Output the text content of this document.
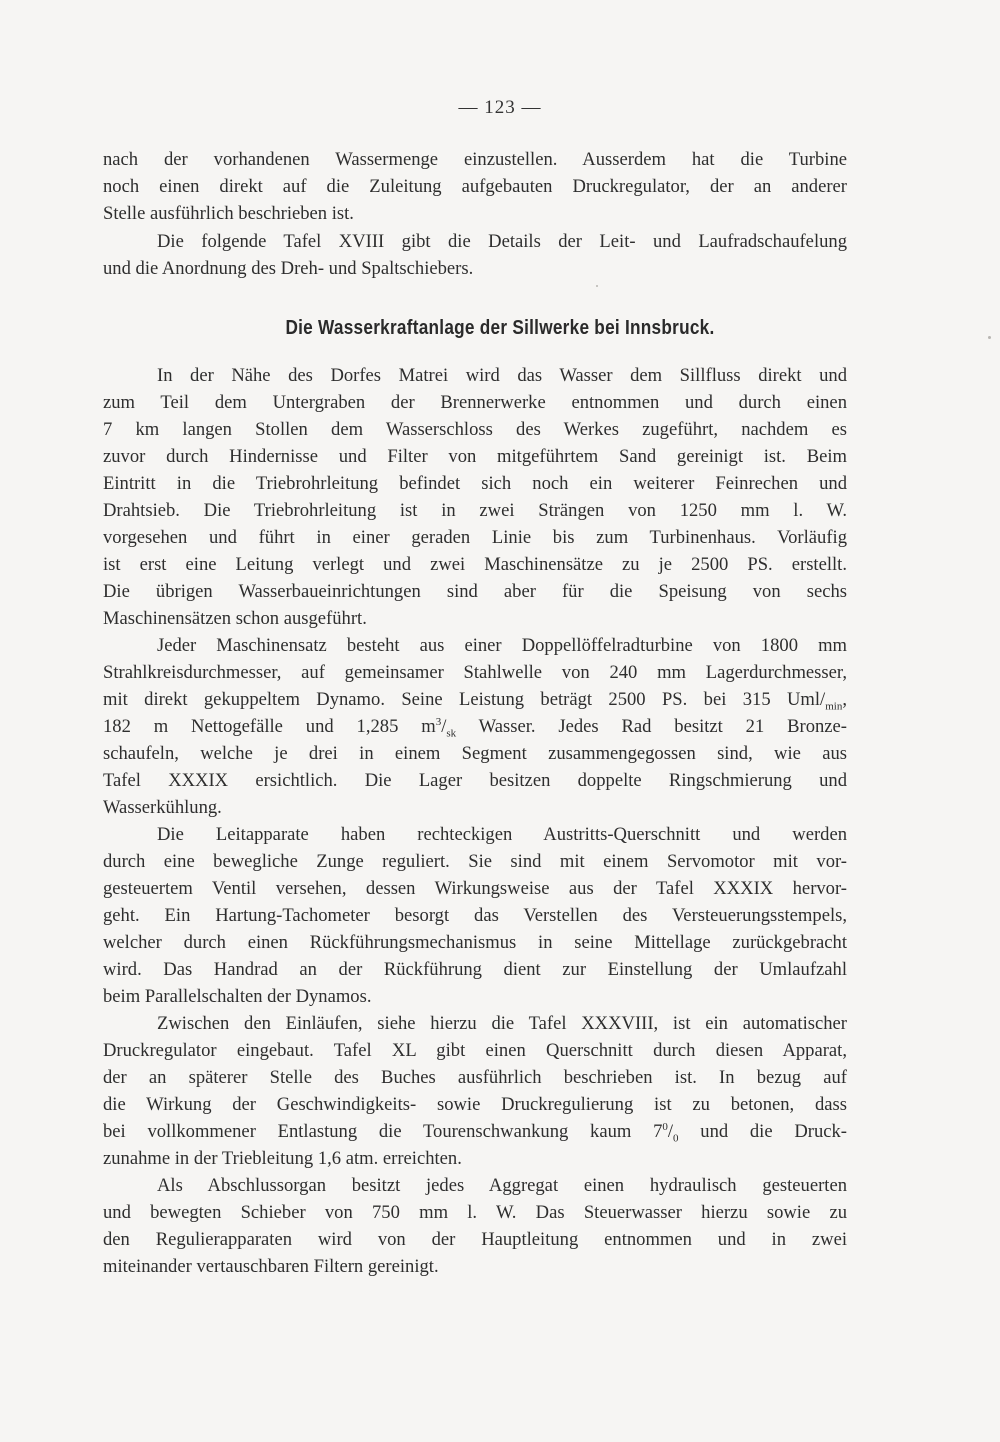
— 123 —
nach der vorhandenen Wassermenge einzustellen. Ausserdem hat die Turbine
noch einen direkt auf die Zuleitung aufgebauten Druckregulator, der an anderer
Stelle ausführlich beschrieben ist.
Die folgende Tafel XVIII gibt die Details der Leit- und Laufradschaufelung
und die Anordnung des Dreh- und Spaltschiebers.
Die Wasserkraftanlage der Sillwerke bei Innsbruck.
In der Nähe des Dorfes Matrei wird das Wasser dem Sillfluss direkt und
zum Teil dem Untergraben der Brennerwerke entnommen und durch einen
7 km langen Stollen dem Wasserschloss des Werkes zugeführt, nachdem es
zuvor durch Hindernisse und Filter von mitgeführtem Sand gereinigt ist. Beim
Eintritt in die Triebrohrleitung befindet sich noch ein weiterer Feinrechen und
Drahtsieb. Die Triebrohrleitung ist in zwei Strängen von 1250 mm l. W.
vorgesehen und führt in einer geraden Linie bis zum Turbinenhaus. Vorläufig
ist erst eine Leitung verlegt und zwei Maschinensätze zu je 2500 PS. erstellt.
Die übrigen Wasserbaueinrichtungen sind aber für die Speisung von sechs
Maschinensätzen schon ausgeführt.
Jeder Maschinensatz besteht aus einer Doppellöffelradturbine von 1800 mm
Strahlkreisdurchmesser, auf gemeinsamer Stahlwelle von 240 mm Lagerdurchmesser,
mit direkt gekuppeltem Dynamo. Seine Leistung beträgt 2500 PS. bei 315 Uml/$_{min}$,
182 m Nettogefälle und 1,285 $m^3/_{sk}$ Wasser. Jedes Rad besitzt 21 Bronze-
schaufeln, welche je drei in einem Segment zusammengegossen sind, wie aus
Tafel XXXIX ersichtlich. Die Lager besitzen doppelte Ringschmierung und
Wasserkühlung.
Die Leitapparate haben rechteckigen Austritts-Querschnitt und werden
durch eine bewegliche Zunge reguliert. Sie sind mit einem Servomotor mit vor-
gesteuertem Ventil versehen, dessen Wirkungsweise aus der Tafel XXXIX hervor-
geht. Ein Hartung-Tachometer besorgt das Verstellen des Versteuerungsstempels,
welcher durch einen Rückführungsmechanismus in seine Mittellage zurückgebracht
wird. Das Handrad an der Rückführung dient zur Einstellung der Umlaufzahl
beim Parallelschalten der Dynamos.
Zwischen den Einläufen, siehe hierzu die Tafel XXXVIII, ist ein automatischer
Druckregulator eingebaut. Tafel XL gibt einen Querschnitt durch diesen Apparat,
der an späterer Stelle des Buches ausführlich beschrieben ist. In bezug auf
die Wirkung der Geschwindigkeits- sowie Druckregulierung ist zu betonen, dass
bei vollkommener Entlastung die Tourenschwankung kaum $7^0/_0$ und die Druck-
zunahme in der Triebleitung 1,6 atm. erreichten.
Als Abschlussorgan besitzt jedes Aggregat einen hydraulisch gesteuerten
und bewegten Schieber von 750 mm l. W. Das Steuerwasser hierzu sowie zu
den Regulierapparaten wird von der Hauptleitung entnommen und in zwei
miteinander vertauschbaren Filtern gereinigt.
